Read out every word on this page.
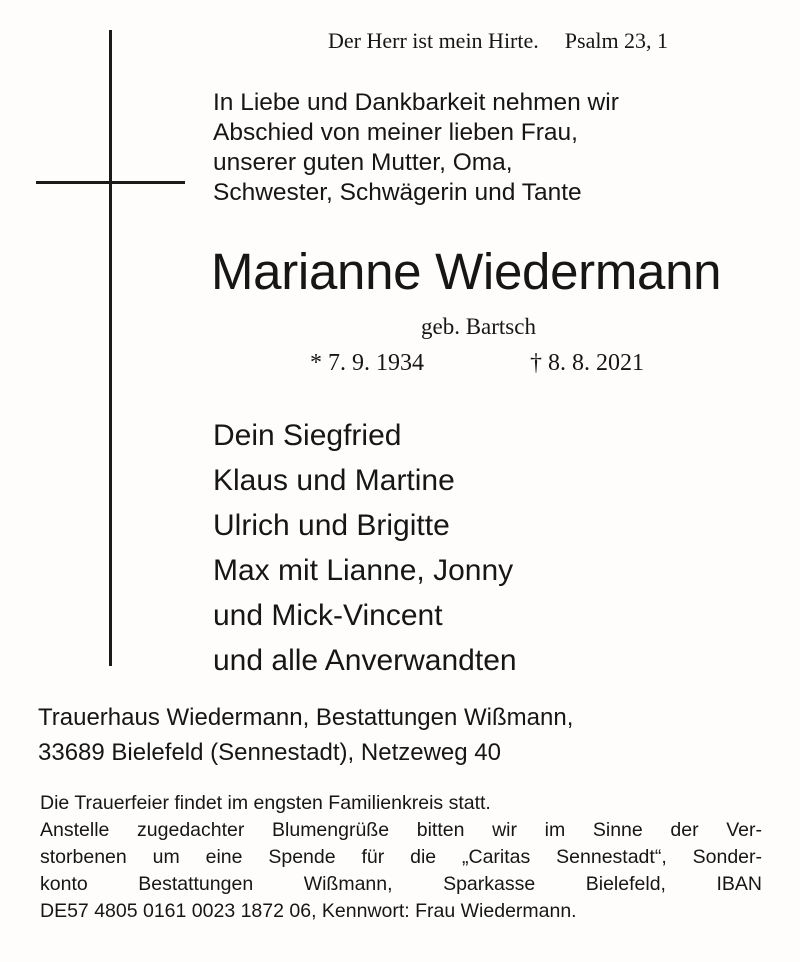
Der Herr ist mein Hirte. Psalm 23, 1
In Liebe und Dankbarkeit nehmen wir
Abschied von meiner lieben Frau,
unserer guten Mutter, Oma,
Schwester, Schwägerin und Tante
Marianne Wiedermann
geb. Bartsch
* 7. 9. 1934	† 8. 8. 2021
Dein Siegfried
Klaus und Martine
Ulrich und Brigitte
Max mit Lianne, Jonny
und Mick-Vincent
und alle Anverwandten
Trauerhaus Wiedermann, Bestattungen Wißmann,
33689 Bielefeld (Sennestadt), Netzeweg 40
Die Trauerfeier findet im engsten Familienkreis statt.
Anstelle zugedachter Blumengrüße bitten wir im Sinne der Ver-
storbenen um eine Spende für die „Caritas Sennestadt“, Sonder-
konto Bestattungen Wißmann, Sparkasse Bielefeld, IBAN
DE57 4805 0161 0023 1872 06, Kennwort: Frau Wiedermann.
